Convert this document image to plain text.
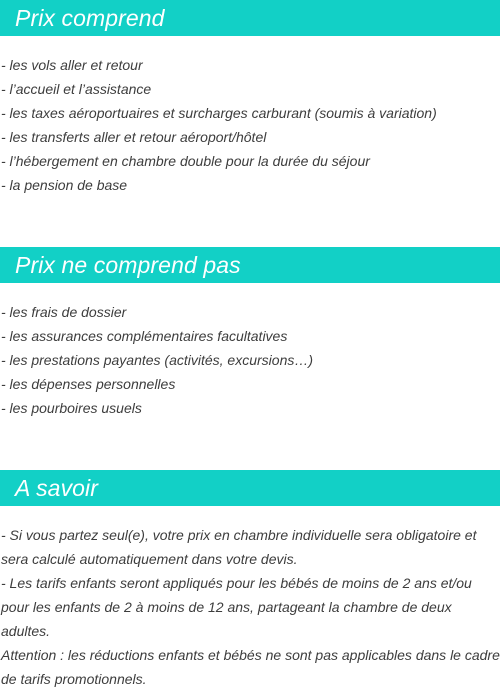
Prix comprend
- les vols aller et retour
- l’accueil et l’assistance
- les taxes aéroportuaires et surcharges carburant (soumis à variation)
- les transferts aller et retour aéroport/hôtel
- l’hébergement en chambre double pour la durée du séjour
- la pension de base
Prix ne comprend pas
- les frais de dossier
- les assurances complémentaires facultatives
- les prestations payantes (activités, excursions…)
- les dépenses personnelles
- les pourboires usuels
A savoir

- Si vous partez seul(e), votre prix en chambre individuelle sera obligatoire et sera calculé automatiquement dans votre devis.

- Les tarifs enfants seront appliqués pour les bébés de moins de 2 ans et/ou pour les enfants de 2 à moins de 12 ans, partageant la chambre de deux adultes.

Attention : les réductions enfants et bébés ne sont pas applicables dans le cadre de tarifs promotionnels.
